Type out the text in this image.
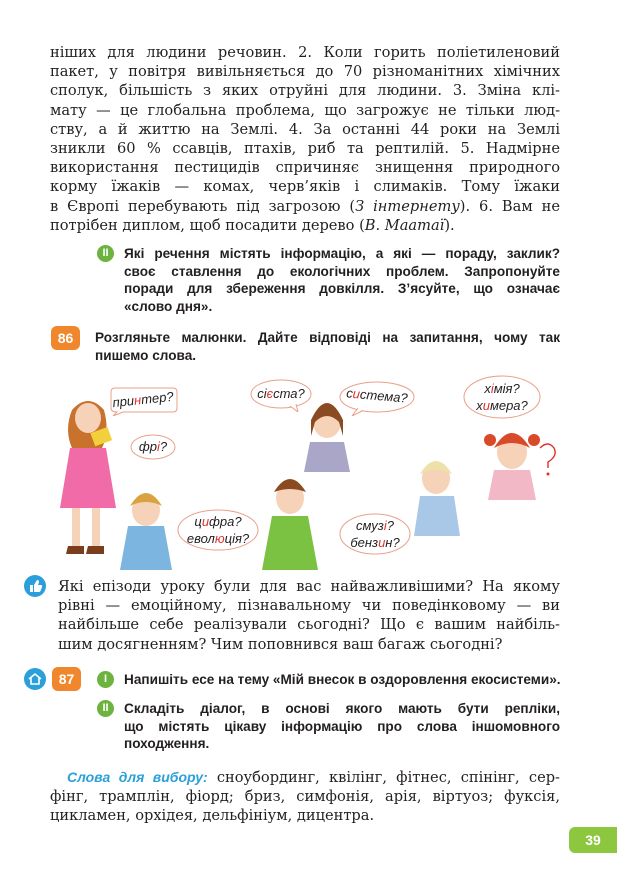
ніших для людини речовин. 2. Коли горить поліетиленовий
пакет, у повітря вивільняється до 70 різноманітних хімічних
сполук, більшість з яких отруйні для людини. 3. Зміна клі-
мату — це глобальна проблема, що загрожує не тільки люд-
ству, а й життю на Землі. 4. За останні 44 роки на Землі
зникли 60 % ссавців, птахів, риб та рептилій. 5. Надмірне
використання пестицидів спричиняє знищення природного
корму їжаків — комах, черв’яків і слимаків. Тому їжаки
в Європі перебувають під загрозою (З інтернету). 6. Вам не
потрібен диплом, щоб посадити дерево (В. Маатаї).
II	Які речення містять інформацію, а які — пораду, заклик?
своє ставлення до екологічних проблем. Запропонуйте
поради для збереження довкілля. З’ясуйте, що означає
«слово дня».
86	Розгляньте малюнки. Дайте відповіді на запитання, чому так
пишемо слова.
принтер?
фрі?
сієста?	система?	хімія?
химера?
цифра?
еволюція?
смузі?
бензин?
Які епізоди уроку були для вас найважливішими? На якому
рівні — емоційному, пізнавальному чи поведінковому — ви
найбільше себе реалізували сьогодні? Що є вашим найбіль-
шим досягненням? Чим поповнився ваш багаж сьогодні?
87	I	Напишіть есе на тему «Мій внесок в оздоровлення екосистеми».
II	Складіть діалог, в основі якого мають бути репліки,
що містять цікаву інформацію про слова іншомовного
походження.
Слова для вибору: сноубординг, квілінг, фітнес, спінінг, сер-
фінг, трамплін, фіорд; бриз, симфонія, арія, віртуоз; фуксія,
цикламен, орхідея, дельфініум, дицентра.
39
